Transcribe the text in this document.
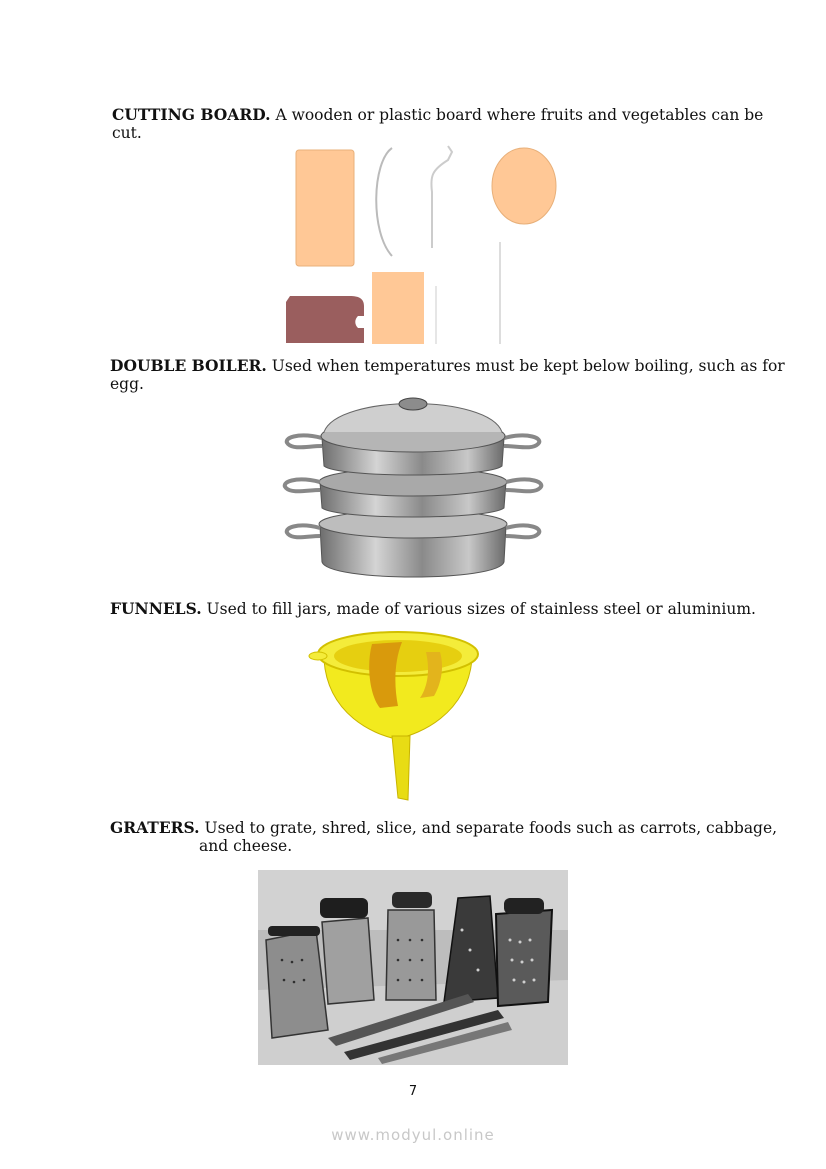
CUTTING BOARD. A wooden or plastic board where fruits and vegetables can be cut.
DOUBLE BOILER. Used when temperatures must be kept below boiling, such as for egg.
FUNNELS. Used to fill jars, made of various sizes of stainless steel or aluminium.
GRATERS. Used to grate, shred, slice, and separate foods such as carrots, cabbage,
and cheese.
7
www.modyul.online
